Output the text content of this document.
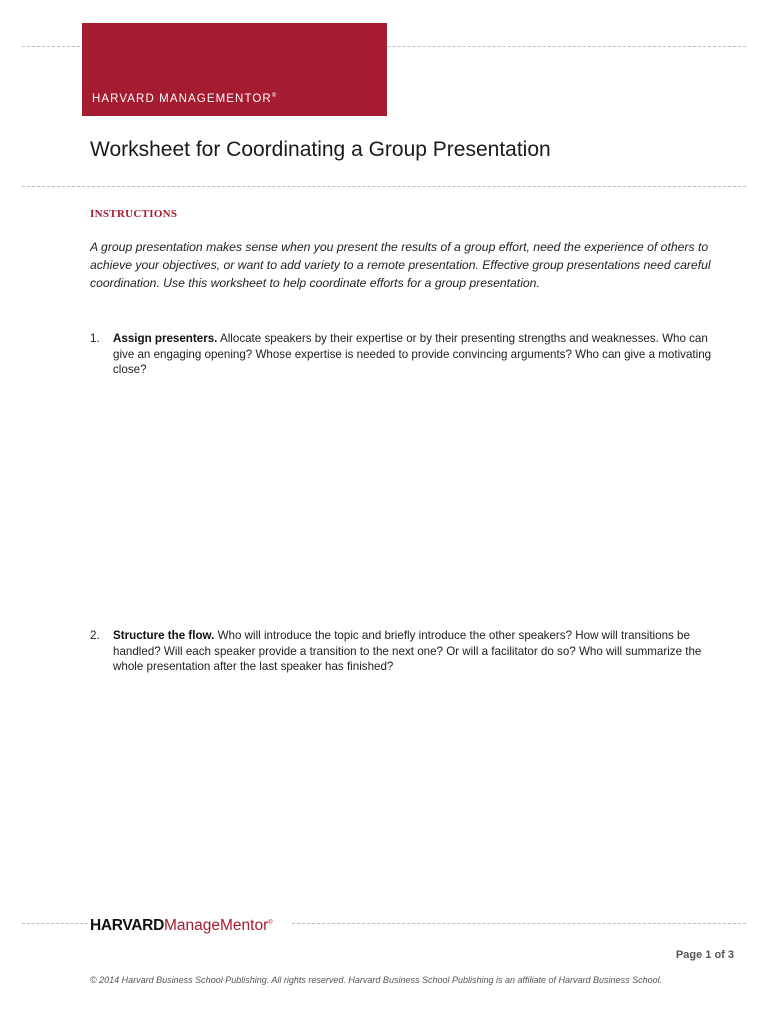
HARVARD MANAGEMENTOR®
Worksheet for Coordinating a Group Presentation
INSTRUCTIONS
A group presentation makes sense when you present the results of a group effort, need the experience of others to achieve your objectives, or want to add variety to a remote presentation. Effective group presentations need careful coordination. Use this worksheet to help coordinate efforts for a group presentation.
1. Assign presenters. Allocate speakers by their expertise or by their presenting strengths and weaknesses. Who can give an engaging opening? Whose expertise is needed to provide convincing arguments? Who can give a motivating close?
2. Structure the flow. Who will introduce the topic and briefly introduce the other speakers? How will transitions be handled? Will each speaker provide a transition to the next one? Or will a facilitator do so? Who will summarize the whole presentation after the last speaker has finished?
HARVARDManageMentor®
Page 1 of 3
© 2014 Harvard Business School Publishing. All rights reserved. Harvard Business School Publishing is an affiliate of Harvard Business School.
